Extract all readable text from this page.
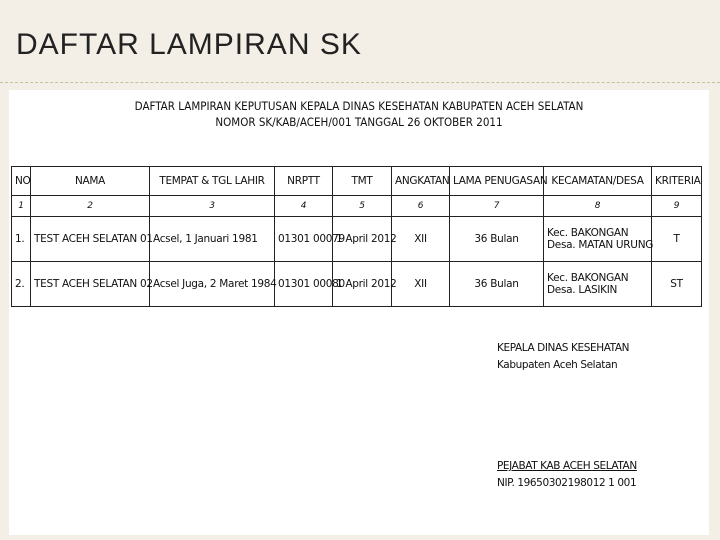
DAFTAR LAMPIRAN SK
DAFTAR LAMPIRAN KEPUTUSAN KEPALA DINAS KESEHATAN KABUPATEN ACEH SELATAN
NOMOR SK/KAB/ACEH/001 TANGGAL 26 OKTOBER 2011
NO	NAMA	TEMPAT & TGL LAHIR	NRPTT	TMT	ANGKATAN	LAMA PENUGASAN	KECAMATAN/DESA	KRITERIA
1	2	3	4	5	6	7	8	9
1.	TEST ACEH SELATAN 01	Acsel, 1 Januari 1981	01301 00079	1 April 2012	XII	36 Bulan	Kec. BAKONGAN
Desa. MATAN URUNG	T
2.	TEST ACEH SELATAN 02	Acsel Juga, 2 Maret 1984	01301 00080	1 April 2012	XII	36 Bulan	Kec. BAKONGAN
Desa. LASIKIN	ST
KEPALA DINAS KESEHATAN
Kabupaten Aceh Selatan
PEJABAT KAB ACEH SELATAN
NIP. 19650302198012 1 001
